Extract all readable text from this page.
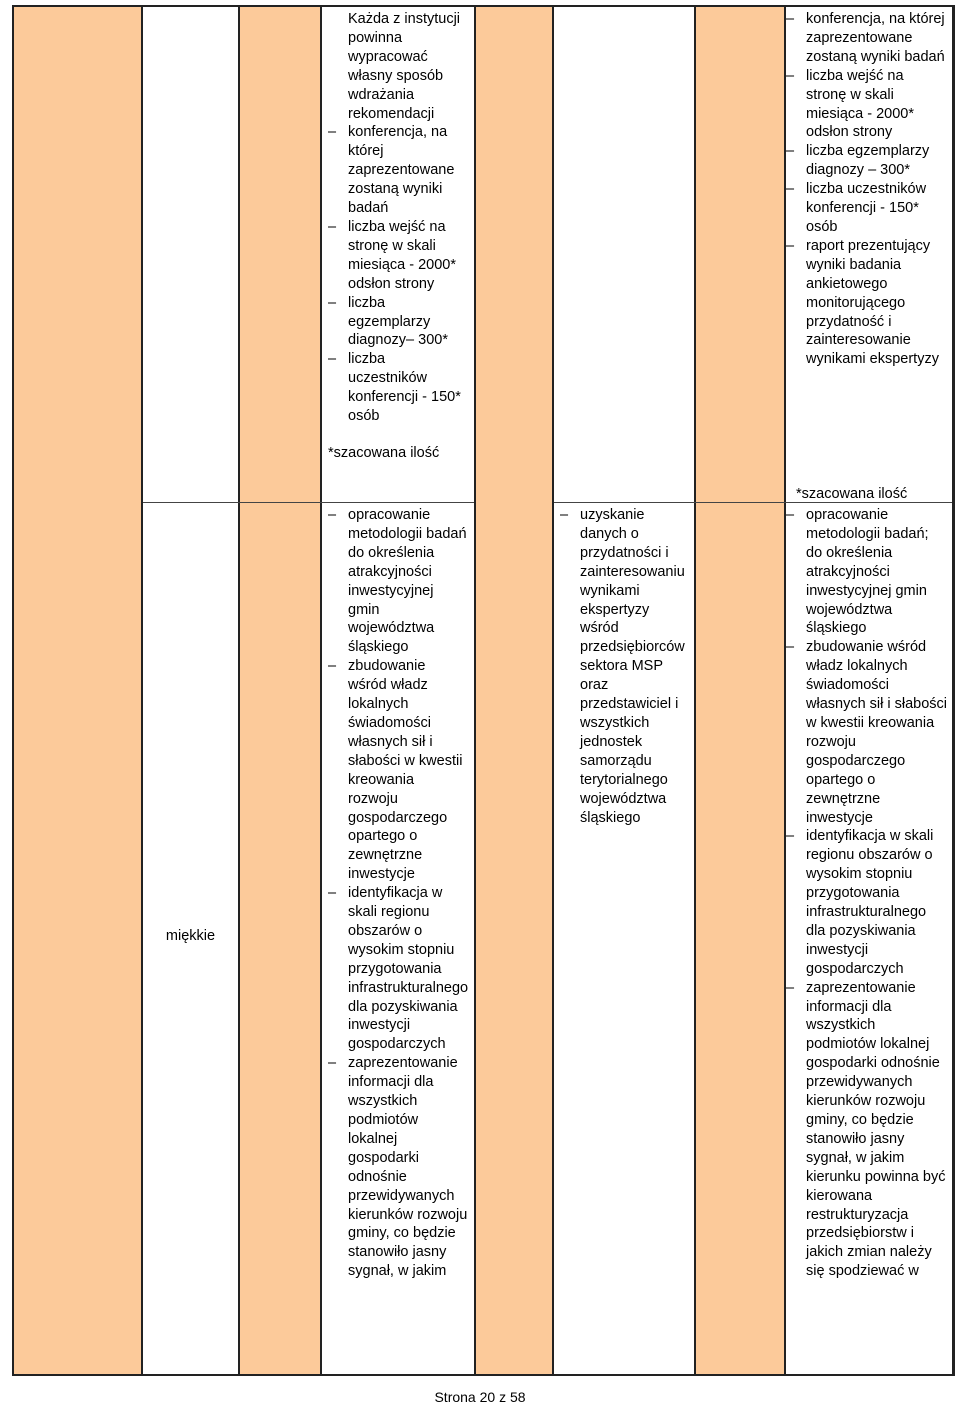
miękkie

Każda z instytucji powinna wypracować własny sposób wdrażania rekomendacji

– konferencja, na której zaprezentowane zostaną wyniki badań

– liczba wejść na stronę w skali miesiąca - 2000* odsłon strony

– liczba egzemplarzy diagnozy– 300*

– liczba uczestników konferencji - 150* osób

*szacowana ilość

– opracowanie metodologii badań do określenia atrakcyjności inwestycyjnej gmin województwa śląskiego

– zbudowanie wśród władz lokalnych świadomości własnych sił i słabości w kwestii kreowania rozwoju gospodarczego opartego o zewnętrzne inwestycje

– identyfikacja w skali regionu obszarów o wysokim stopniu przygotowania infrastrukturalnego dla pozyskiwania inwestycji gospodarczych

– zaprezentowanie informacji dla wszystkich podmiotów lokalnej gospodarki odnośnie przewidywanych kierunków rozwoju gminy, co będzie stanowiło jasny sygnał, w jakim

– uzyskanie danych o przydatności i zainteresowaniu wynikami ekspertyzy wśród przedsiębiorców sektora MSP oraz przedstawiciel i wszystkich jednostek samorządu terytorialnego województwa śląskiego

– konferencja, na której zaprezentowane zostaną wyniki badań

– liczba wejść na stronę w skali miesiąca - 2000* odsłon strony

– liczba egzemplarzy diagnozy – 300*

– liczba uczestników konferencji - 150* osób

– raport prezentujący wyniki badania ankietowego monitorującego przydatność i zainteresowanie wynikami ekspertyzy

*szacowana ilość

– opracowanie metodologii badań; do określenia atrakcyjności inwestycyjnej gmin województwa śląskiego

– zbudowanie wśród władz lokalnych świadomości własnych sił i słabości w kwestii kreowania rozwoju gospodarczego opartego o zewnętrzne inwestycje

– identyfikacja w skali regionu obszarów o wysokim stopniu przygotowania infrastrukturalnego dla pozyskiwania inwestycji gospodarczych

– zaprezentowanie informacji dla wszystkich podmiotów lokalnej gospodarki odnośnie przewidywanych kierunków rozwoju gminy, co będzie stanowiło jasny sygnał, w jakim kierunku powinna być kierowana restrukturyzacja przedsiębiorstw i jakich zmian należy się spodziewać w

Strona 20 z 58
